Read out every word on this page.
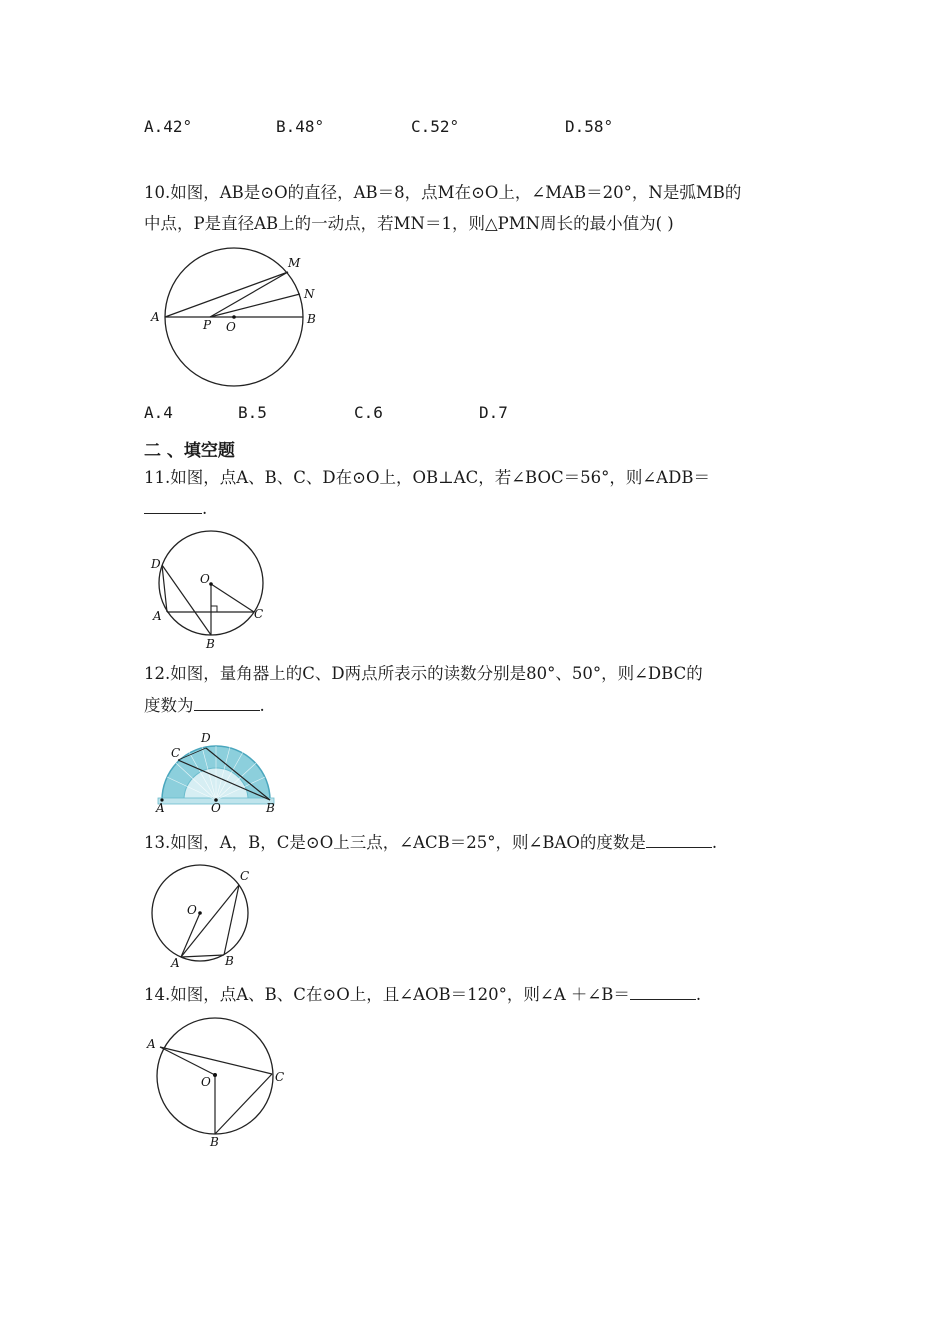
A.42°	B.48°	C.52°	D.58°
10.如图，AB是⊙O的直径，AB＝8，点M在⊙O上，∠MAB＝20°，N是弧MB的
中点，P是直径AB上的一动点，若MN＝1，则△PMN周长的最小值为( )
M
N
A
P O
B
A.4	B.5	C.6	D.7
二 、填空题
11.如图，点A、B、C、D在⊙O上，OB⊥AC，若∠BOC＝56°，则∠ADB＝
.
D
O
A	C
B
12.如图，量角器上的C、D两点所表示的读数分别是80°、50°，则∠DBC的
度数为	.
D
C
A	O	B
13.如图，A，B，C是⊙O上三点，∠ACB＝25°，则∠BAO的度数是	.
C
O
A	B
14.如图，点A、B、C在⊙O上，且∠AOB＝120°，则∠A ＋∠B＝	.
A
O	C
B
